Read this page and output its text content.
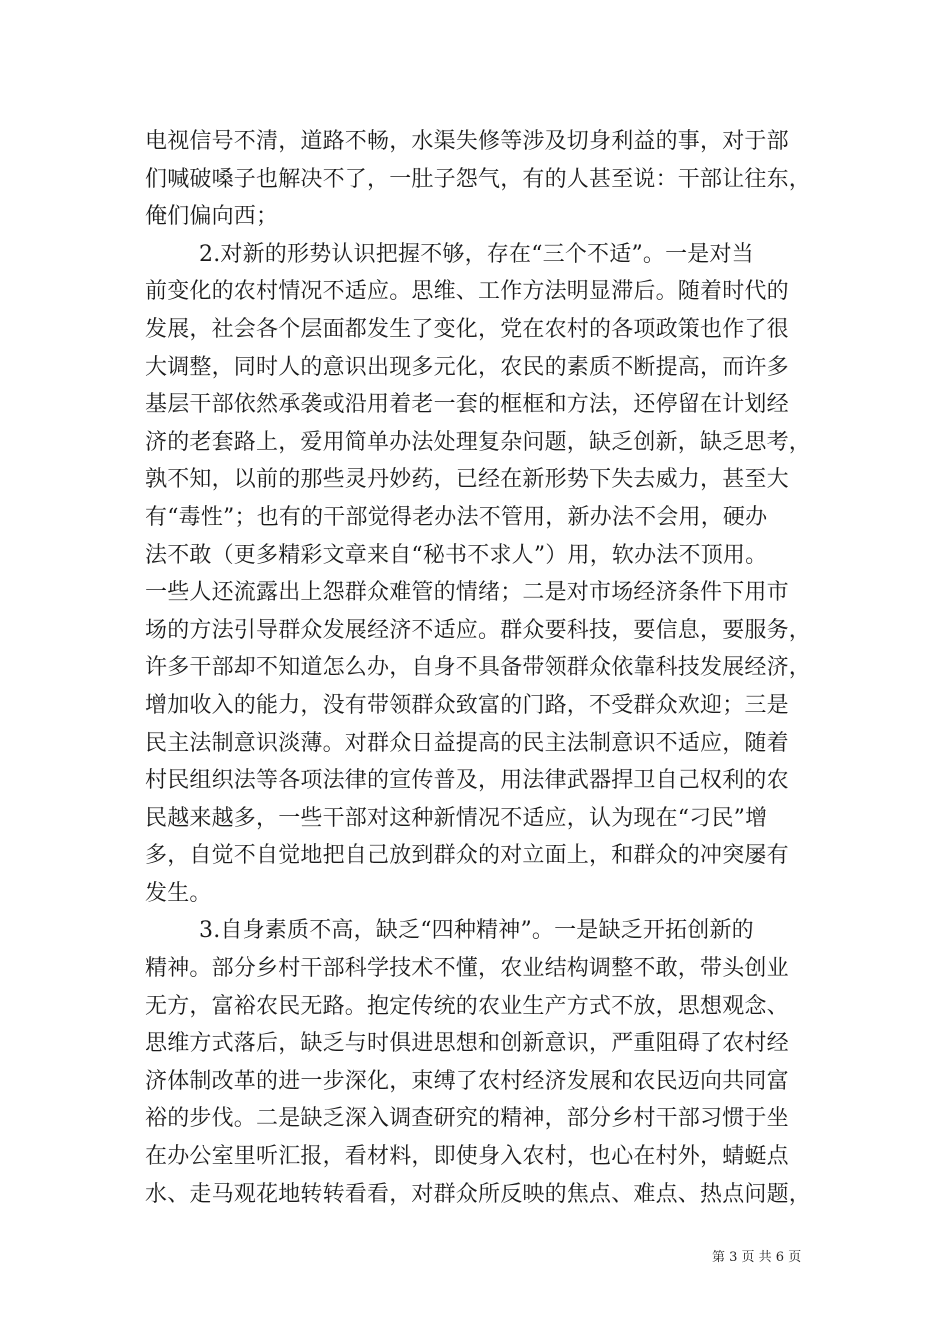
电视信号不清，道路不畅，水渠失修等涉及切身利益的事，对于部
们喊破嗓子也解决不了，一肚子怨气，有的人甚至说：干部让往东，
俺们偏向西；
2.对新的形势认识把握不够，存在“三个不适”。一是对当
前变化的农村情况不适应。思维、工作方法明显滞后。随着时代的
发展，社会各个层面都发生了变化，党在农村的各项政策也作了很
大调整，同时人的意识出现多元化，农民的素质不断提高，而许多
基层干部依然承袭或沿用着老一套的框框和方法，还停留在计划经
济的老套路上，爱用简单办法处理复杂问题，缺乏创新，缺乏思考，
孰不知，以前的那些灵丹妙药，已经在新形势下失去威力，甚至大
有“毒性”；也有的干部觉得老办法不管用，新办法不会用，硬办
法不敢（更多精彩文章来自“秘书不求人”）用，软办法不顶用。
一些人还流露出上怨群众难管的情绪；二是对市场经济条件下用市
场的方法引导群众发展经济不适应。群众要科技，要信息，要服务，
许多干部却不知道怎么办，自身不具备带领群众依靠科技发展经济，
增加收入的能力，没有带领群众致富的门路，不受群众欢迎；三是
民主法制意识淡薄。对群众日益提高的民主法制意识不适应，随着
村民组织法等各项法律的宣传普及，用法律武器捍卫自己权利的农
民越来越多，一些干部对这种新情况不适应，认为现在“刁民”增
多，自觉不自觉地把自己放到群众的对立面上，和群众的冲突屡有
发生。
3.自身素质不高，缺乏“四种精神”。一是缺乏开拓创新的
精神。部分乡村干部科学技术不懂，农业结构调整不敢，带头创业
无方，富裕农民无路。抱定传统的农业生产方式不放，思想观念、
思维方式落后，缺乏与时俱进思想和创新意识，严重阻碍了农村经
济体制改革的进一步深化，束缚了农村经济发展和农民迈向共同富
裕的步伐。二是缺乏深入调查研究的精神，部分乡村干部习惯于坐
在办公室里听汇报，看材料，即使身入农村，也心在村外，蜻蜓点
水、走马观花地转转看看，对群众所反映的焦点、难点、热点问题，
第 3 页 共 6 页
